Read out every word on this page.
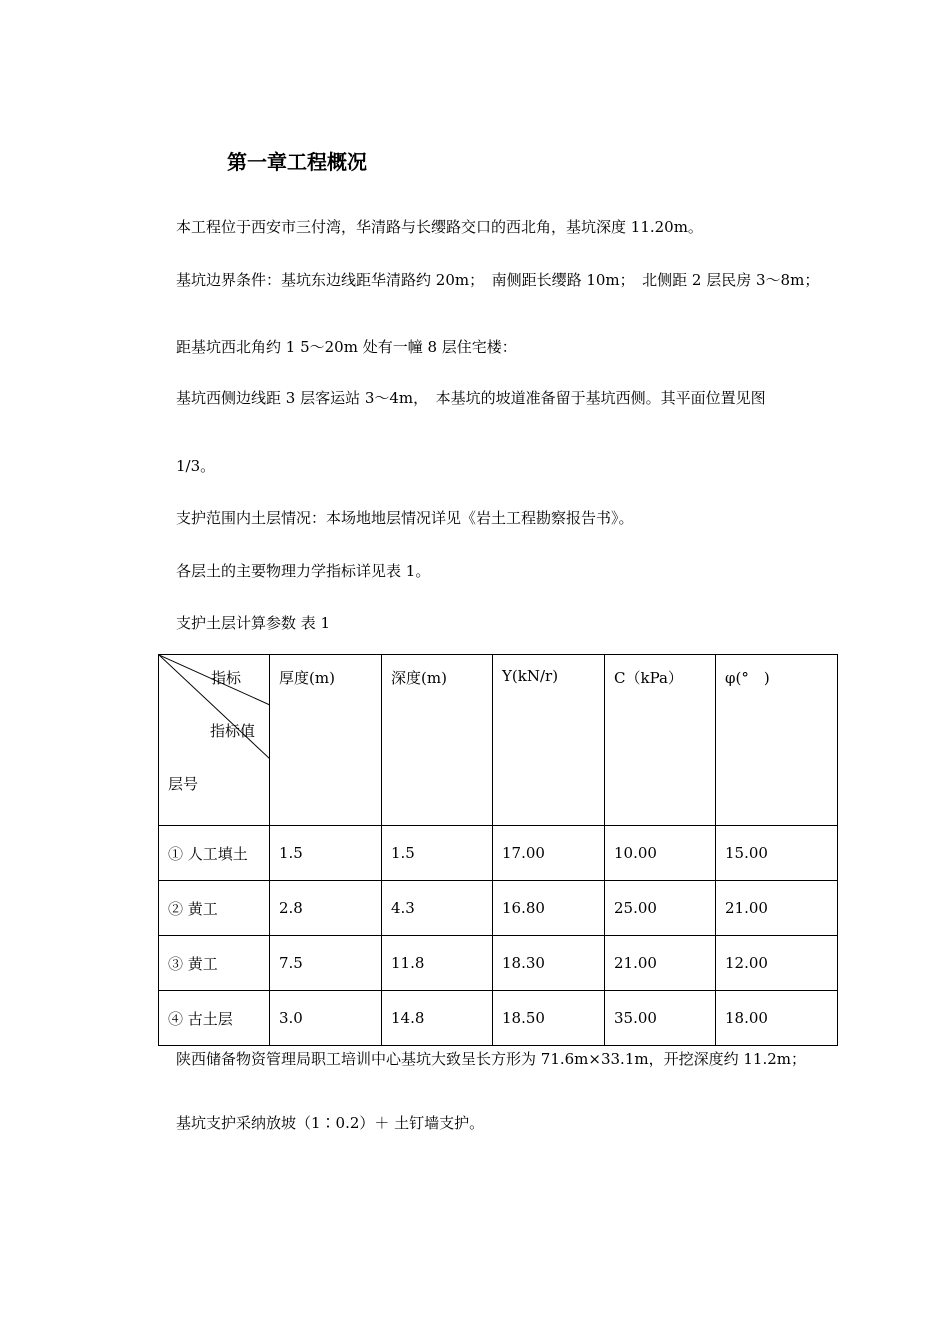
第一章工程概况
本工程位于西安市三付湾，华清路与长缨路交口的西北角，基坑深度 11.20m。
基坑边界条件：基坑东边线距华清路约 20m；　南侧距长缨路 10m；　北侧距 2 层民房 3～8m；
距基坑西北角约 1 5～20m 处有一幢 8 层住宅楼：
基坑西侧边线距 3 层客运站 3～4m，　本基坑的坡道准备留于基坑西侧。其平面位置见图
1/3。
支护范围内土层情况：本场地地层情况详见《岩土工程勘察报告书》。
各层土的主要物理力学指标详见表 1。
支护土层计算参数 表 1
指标
指标值
层号	厚度(m)	深度(m)	Y(kN/r)	C（kPa）	φ(°　)
① 人工填土	1.5	1.5	17.00	10.00	15.00
② 黄工	2.8	4.3	16.80	25.00	21.00
③ 黄工	7.5	11.8	18.30	21.00	12.00
④ 古土层	3.0	14.8	18.50	35.00	18.00
陕西储备物资管理局职工培训中心基坑大致呈长方形为 71.6m×33.1m，开挖深度约 11.2m；
基坑支护采纳放坡（1∶0.2）＋ 土钉墙支护。
